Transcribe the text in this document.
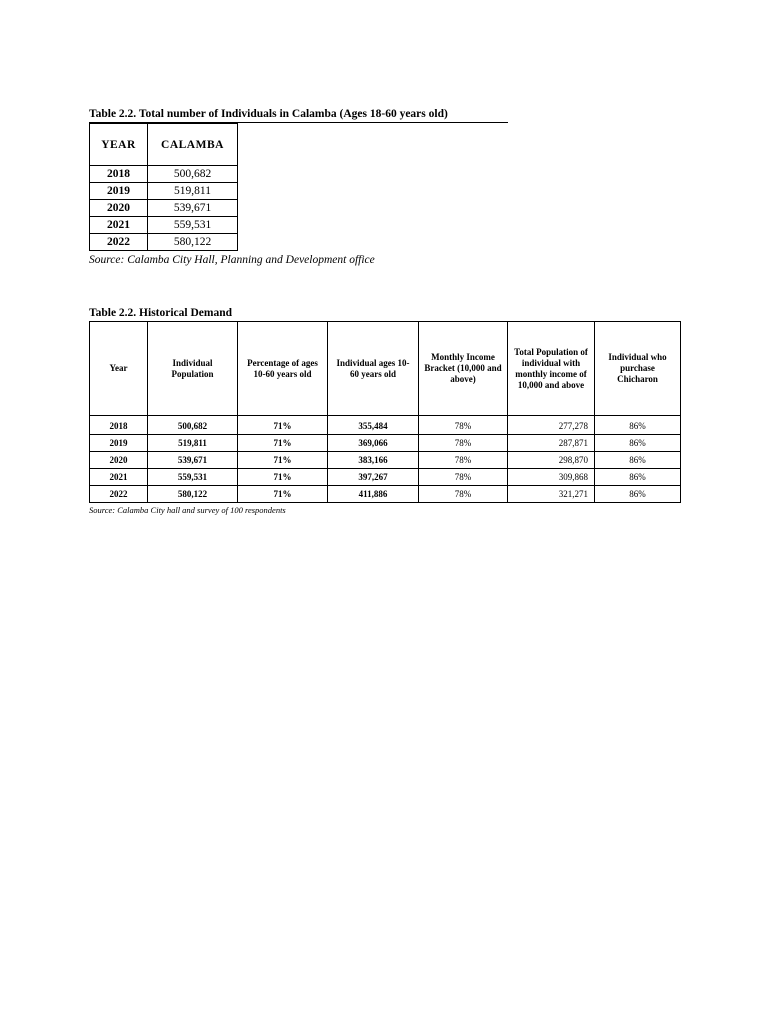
Table 2.2. Total number of Individuals in Calamba (Ages 18-60 years old)
YEAR	CALAMBA
2018	500,682
2019	519,811
2020	539,671
2021	559,531
2022	580,122
Source: Calamba City Hall, Planning and Development office
Table 2.2. Historical Demand
Year	Individual Population	Percentage of ages 10-60 years old	Individual ages 10-60 years old	Monthly Income Bracket (10,000 and above)	Total Population of individual with monthly income of 10,000 and above	Individual who purchase Chicharon

2018	500,682	71%	355,484	78%	277,278	86%
2019	519,811	71%	369,066	78%	287,871	86%
2020	539,671	71%	383,166	78%	298,870	86%
2021	559,531	71%	397,267	78%	309,868	86%
2022	580,122	71%	411,886	78%	321,271	86%
Source: Calamba City hall and survey of 100 respondents
